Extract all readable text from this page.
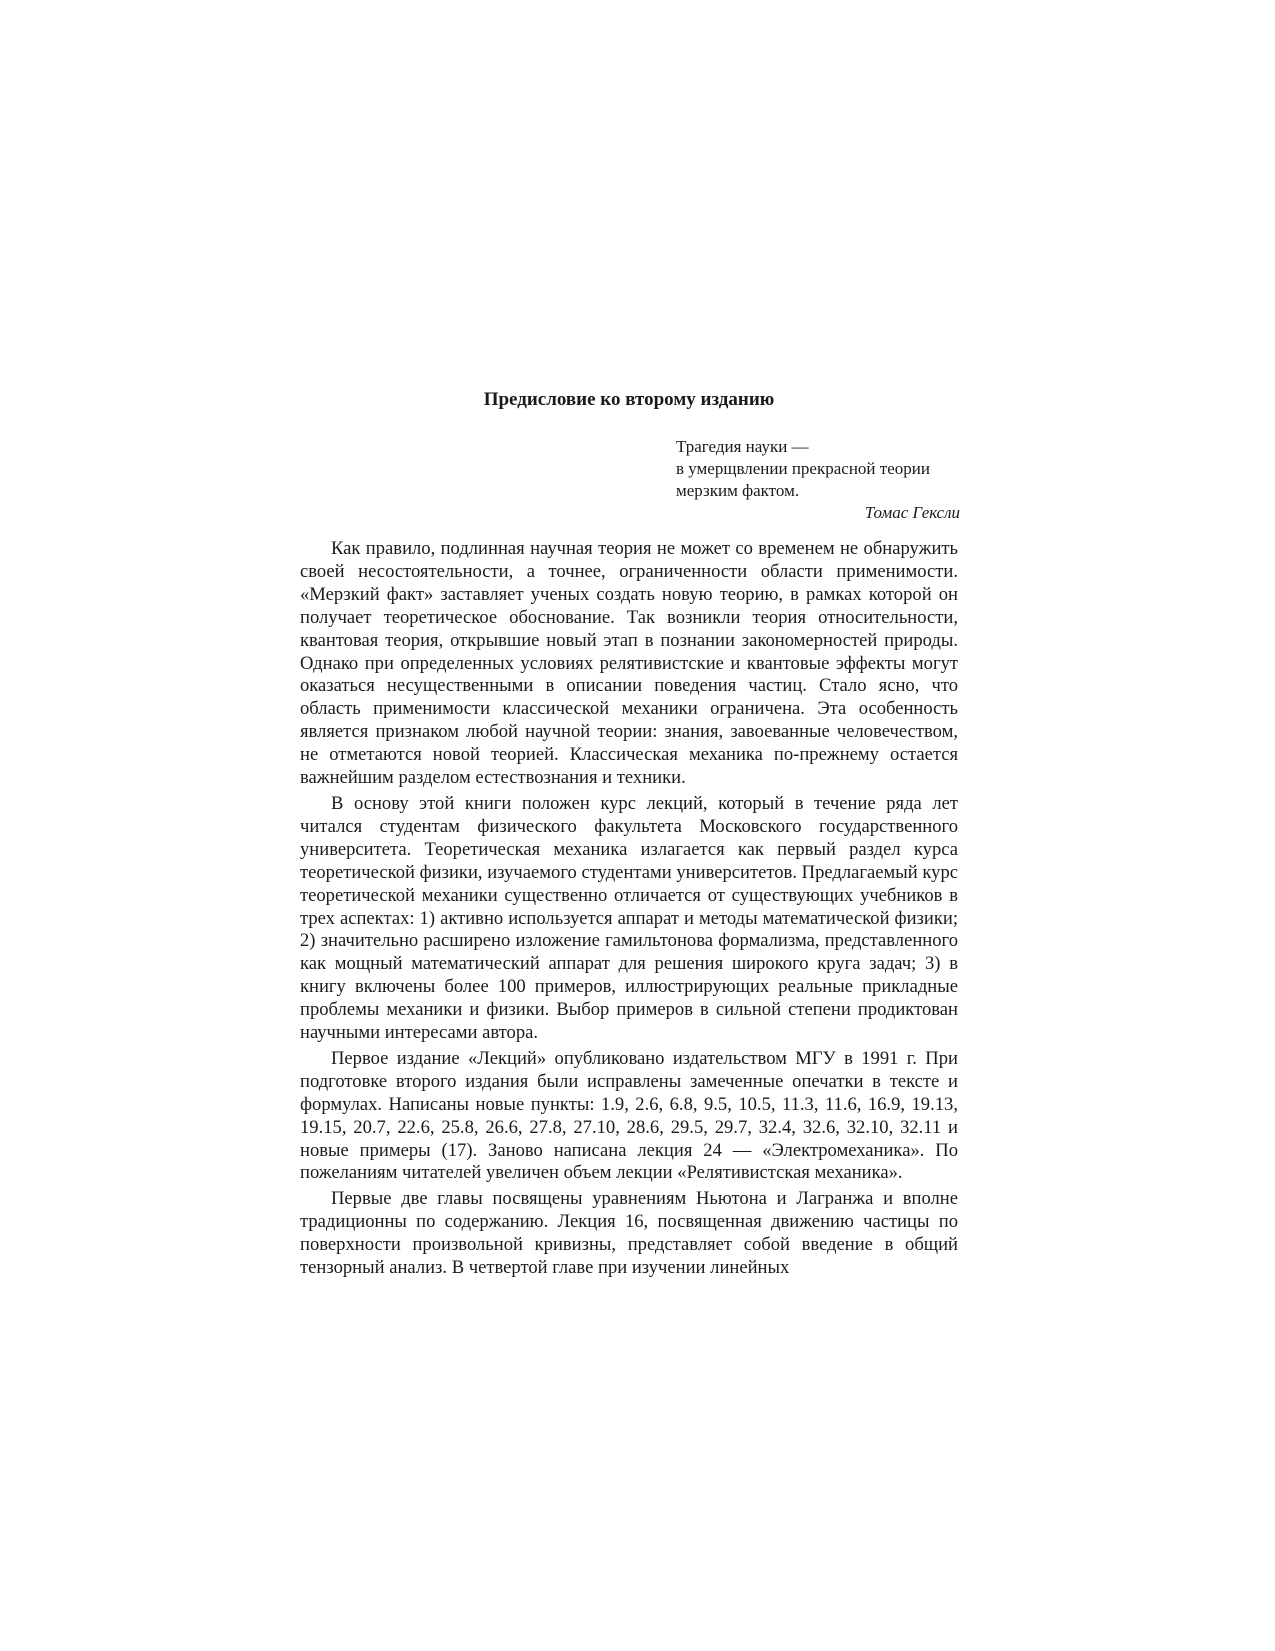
Предисловие ко второму изданию
Трагедия науки —
в умерщвлении прекрасной теории
мерзким фактом.
Томас Гексли

Как правило, подлинная научная теория не может со временем не обнаружить своей несостоятельности, а точнее, ограниченности области применимости. «Мерзкий факт» заставляет ученых создать новую теорию, в рамках которой он получает теоретическое обоснование. Так возникли теория относительности, квантовая теория, открывшие новый этап в познании закономерностей природы. Однако при определенных условиях релятивистские и квантовые эффекты могут оказаться несущественными в описании поведения частиц. Стало ясно, что область применимости классической механики ограничена. Эта особенность является признаком любой научной теории: знания, завоеванные человечеством, не отметаются новой теорией. Классическая механика по-прежнему остается важнейшим разделом естествознания и техники.

В основу этой книги положен курс лекций, который в течение ряда лет читался студентам физического факультета Московского государственного университета. Теоретическая механика излагается как первый раздел курса теоретической физики, изучаемого студентами университетов. Предлагаемый курс теоретической механики существенно отличается от существующих учебников в трех аспектах: 1) активно используется аппарат и методы математической физики; 2) значительно расширено изложение гамильтонова формализма, представленного как мощный математический аппарат для решения широкого круга задач; 3) в книгу включены более 100 примеров, иллюстрирующих реальные прикладные проблемы механики и физики. Выбор примеров в сильной степени продиктован научными интересами автора.

Первое издание «Лекций» опубликовано издательством МГУ в 1991 г. При подготовке второго издания были исправлены замеченные опечатки в тексте и формулах. Написаны новые пункты: 1.9, 2.6, 6.8, 9.5, 10.5, 11.3, 11.6, 16.9, 19.13, 19.15, 20.7, 22.6, 25.8, 26.6, 27.8, 27.10, 28.6, 29.5, 29.7, 32.4, 32.6, 32.10, 32.11 и новые примеры (17). Заново написана лекция 24 — «Электромеханика». По пожеланиям читателей увеличен объем лекции «Релятивистская механика».

Первые две главы посвящены уравнениям Ньютона и Лагранжа и вполне традиционны по содержанию. Лекция 16, посвященная движению частицы по поверхности произвольной кривизны, представляет собой введение в общий тензорный анализ. В четвертой главе при изучении линейных
